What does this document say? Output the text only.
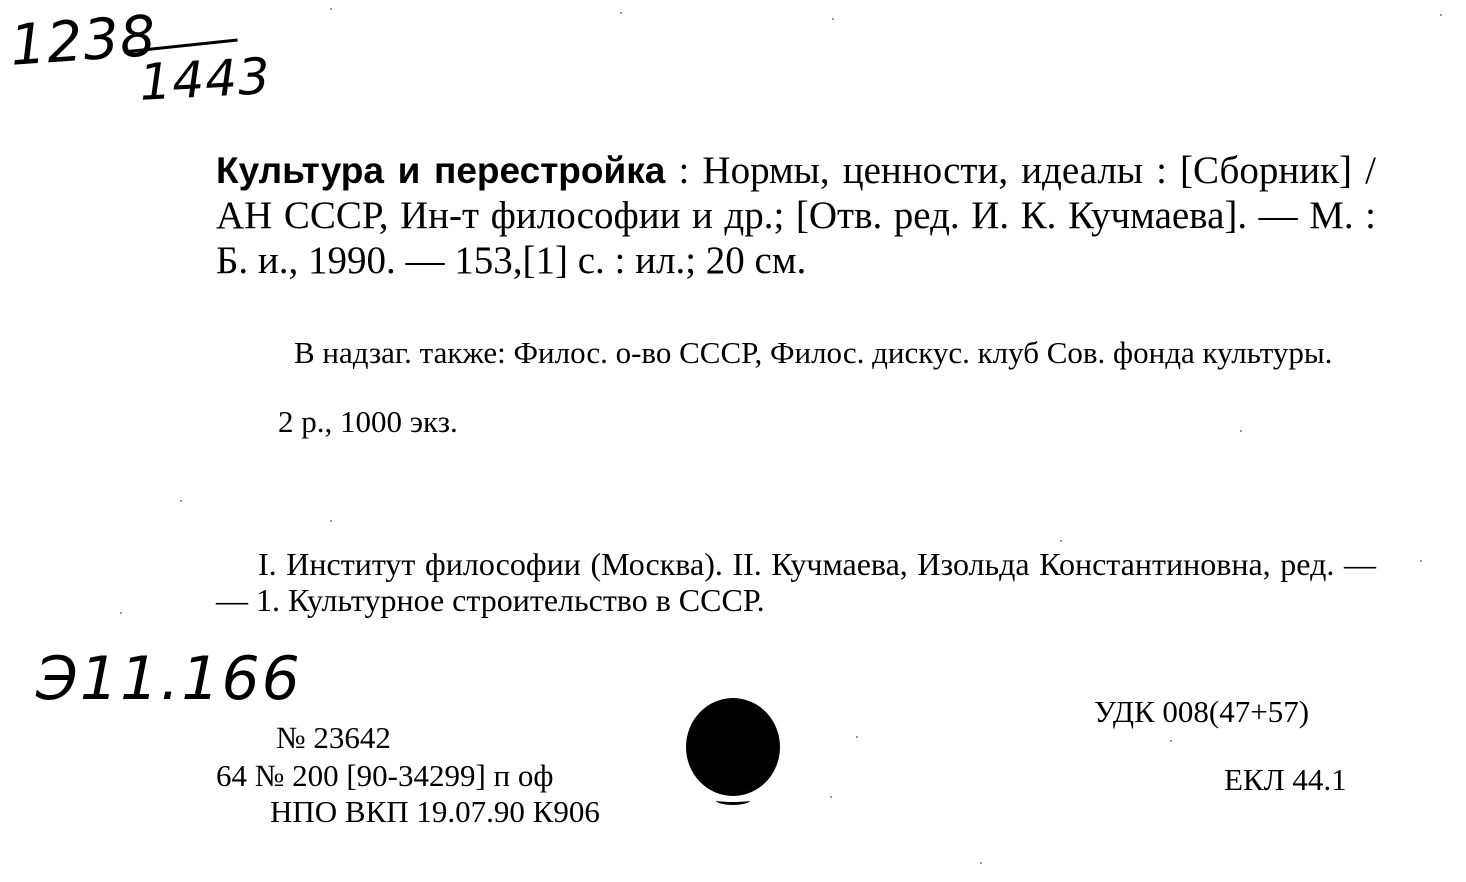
1238
1443
Культура и перестройка : Нормы, ценности, идеалы : [Сборник] / АН СССР, Ин-т философии и др.; [Отв. ред. И. К. Кучмаева]. — М. : Б. и., 1990. — 153,[1] с. : ил.; 20 см.
В надзаг. также: Филос. о-во СССР, Филос. дискус. клуб Сов. фонда культуры.
2 р., 1000 экз.
I. Институт философии (Москва). II. Кучмаева, Изольда Константиновна, ред. — — 1. Культурное строительство в СССР.
Э11.166
№ 23642
64 № 200 [90-34299] п оф
НПО ВКП 19.07.90 К906
УДК 008(47+57)
ЕКЛ 44.1
